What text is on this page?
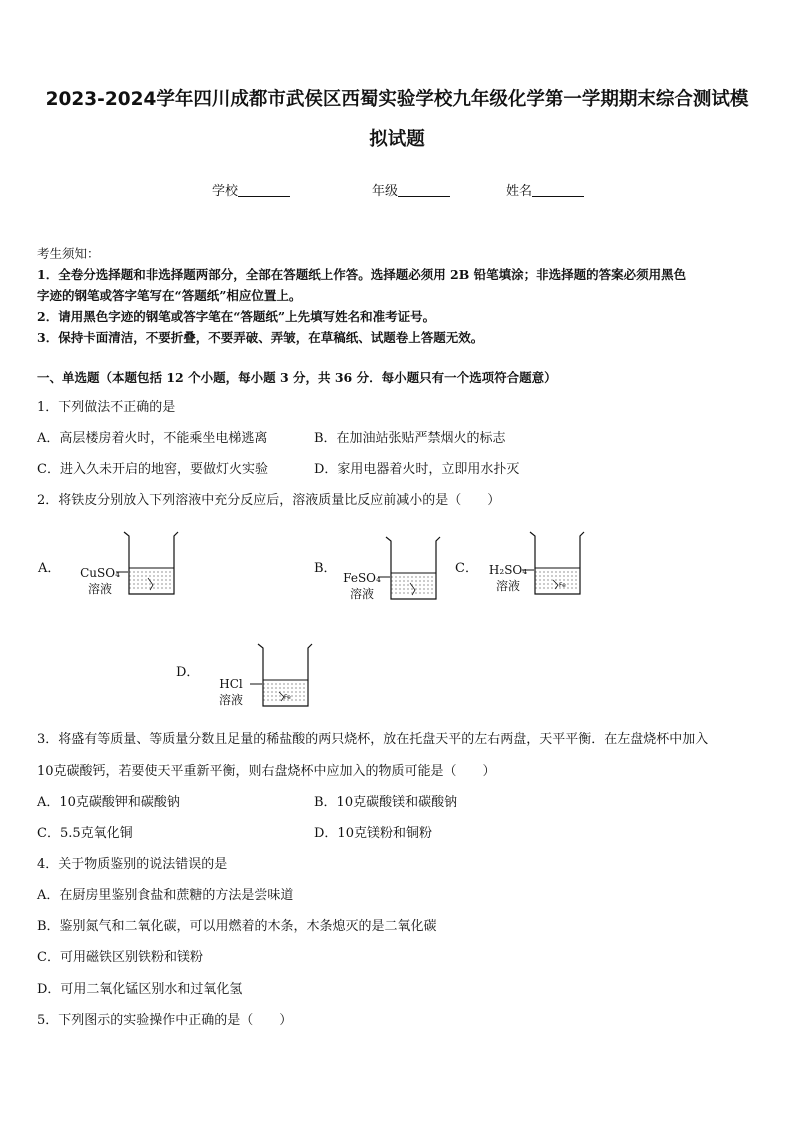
2023-2024学年四川成都市武侯区西蜀实验学校九年级化学第一学期期末综合测试模
拟试题
学校	年级	姓名
考生须知：
1．全卷分选择题和非选择题两部分，全部在答题纸上作答。选择题必须用 2B 铅笔填涂；非选择题的答案必须用黑色
字迹的钢笔或答字笔写在“答题纸”相应位置上。
2．请用黑色字迹的钢笔或答字笔在“答题纸”上先填写姓名和准考证号。
3．保持卡面清洁，不要折叠，不要弄破、弄皱，在草稿纸、试题卷上答题无效。
一、单选题（本题包括 12 个小题，每小题 3 分，共 36 分．每小题只有一个选项符合题意）
1．下列做法不正确的是
A．高层楼房着火时，不能乘坐电梯逃离	B．在加油站张贴严禁烟火的标志
C．进入久未开启的地窖，要做灯火实验	D．家用电器着火时，立即用水扑灭
2．将铁皮分别放入下列溶液中充分反应后，溶液质量比反应前减小的是（　　）
A．	CuSO₄
溶液
B．
FeSO₄
溶液
C． H₂SO₄
溶液	Fe
D．
HCl
溶液	Fe
3．将盛有等质量、等质量分数且足量的稀盐酸的两只烧杯，放在托盘天平的左右两盘，天平平衡．在左盘烧杯中加入
10克碳酸钙，若要使天平重新平衡，则右盘烧杯中应加入的物质可能是（　　）
A．10克碳酸钾和碳酸钠	B．10克碳酸镁和碳酸钠
C．5.5克氧化铜	D．10克镁粉和铜粉
4．关于物质鉴别的说法错误的是
A．在厨房里鉴别食盐和蔗糖的方法是尝味道
B．鉴别氮气和二氧化碳，可以用燃着的木条，木条熄灭的是二氧化碳
C．可用磁铁区别铁粉和镁粉
D．可用二氧化锰区别水和过氧化氢
5．下列图示的实验操作中正确的是（　　）
